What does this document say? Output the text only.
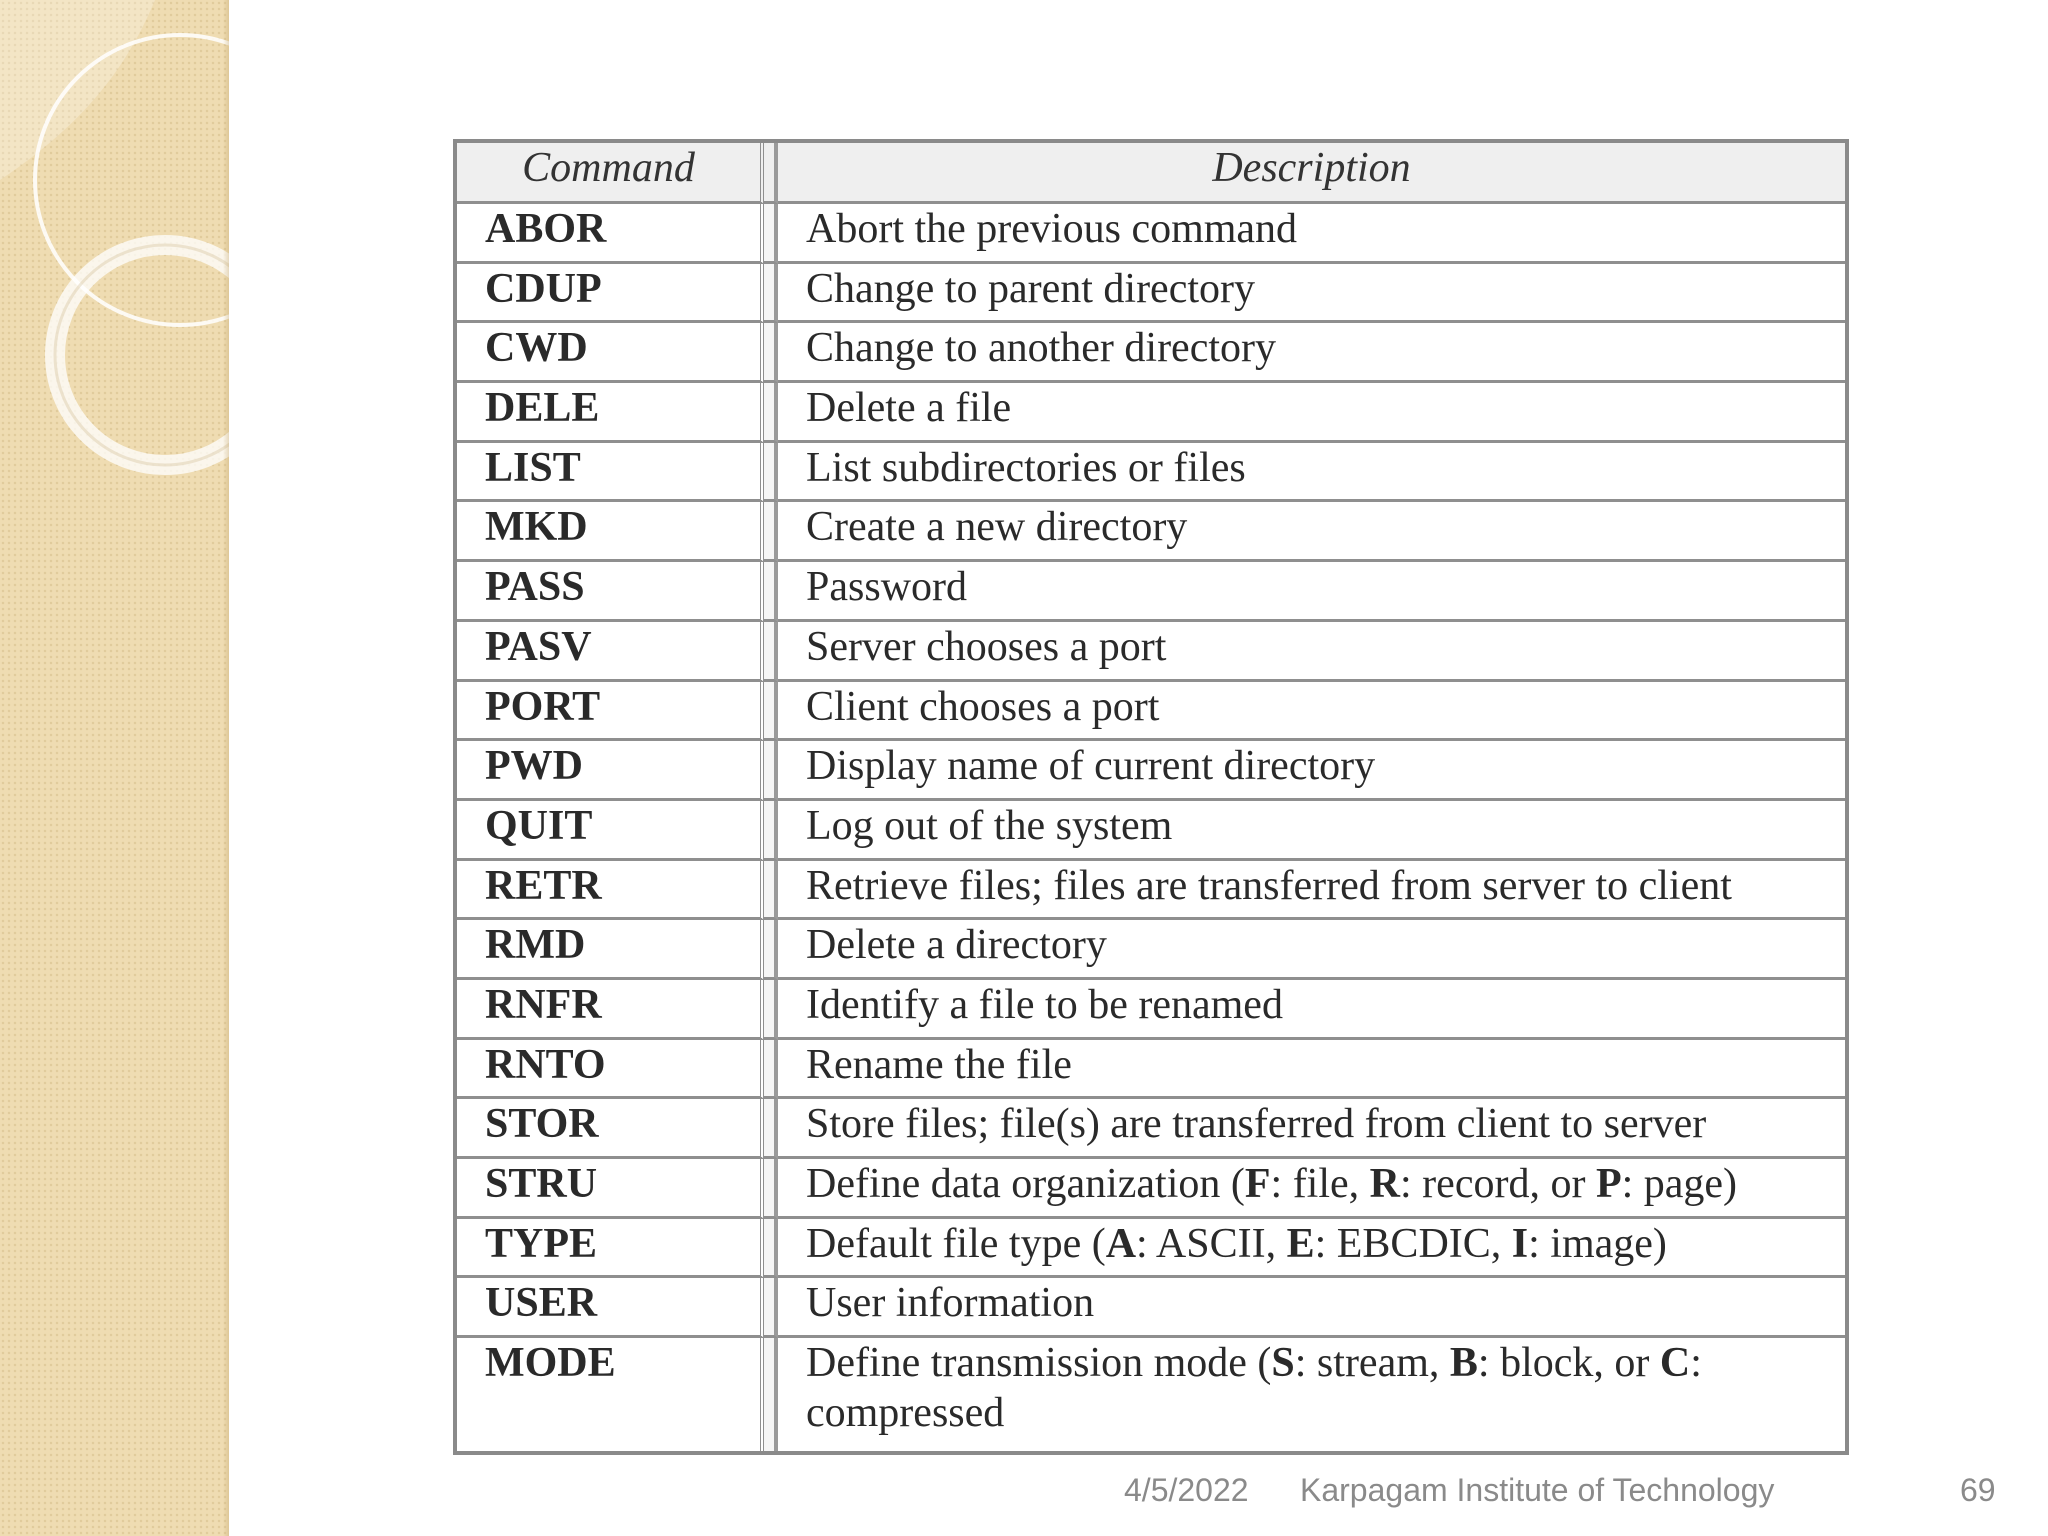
Command		Description
ABOR		Abort the previous command
CDUP		Change to parent directory
CWD		Change to another directory
DELE		Delete a file
LIST		List subdirectories or files
MKD		Create a new directory
PASS		Password
PASV		Server chooses a port
PORT		Client chooses a port
PWD		Display name of current directory
QUIT		Log out of the system
RETR		Retrieve files; files are transferred from server to client
RMD		Delete a directory
RNFR		Identify a file to be renamed
RNTO		Rename the file
STOR		Store files; file(s) are transferred from client to server
STRU		Define data organization (F: file, R: record, or P: page)
TYPE		Default file type (A: ASCII, E: EBCDIC, I: image)
USER		User information
MODE		Define transmission mode (S: stream, B: block, or C: compressed
4/5/2022 Karpagam Institute of Technology	69
